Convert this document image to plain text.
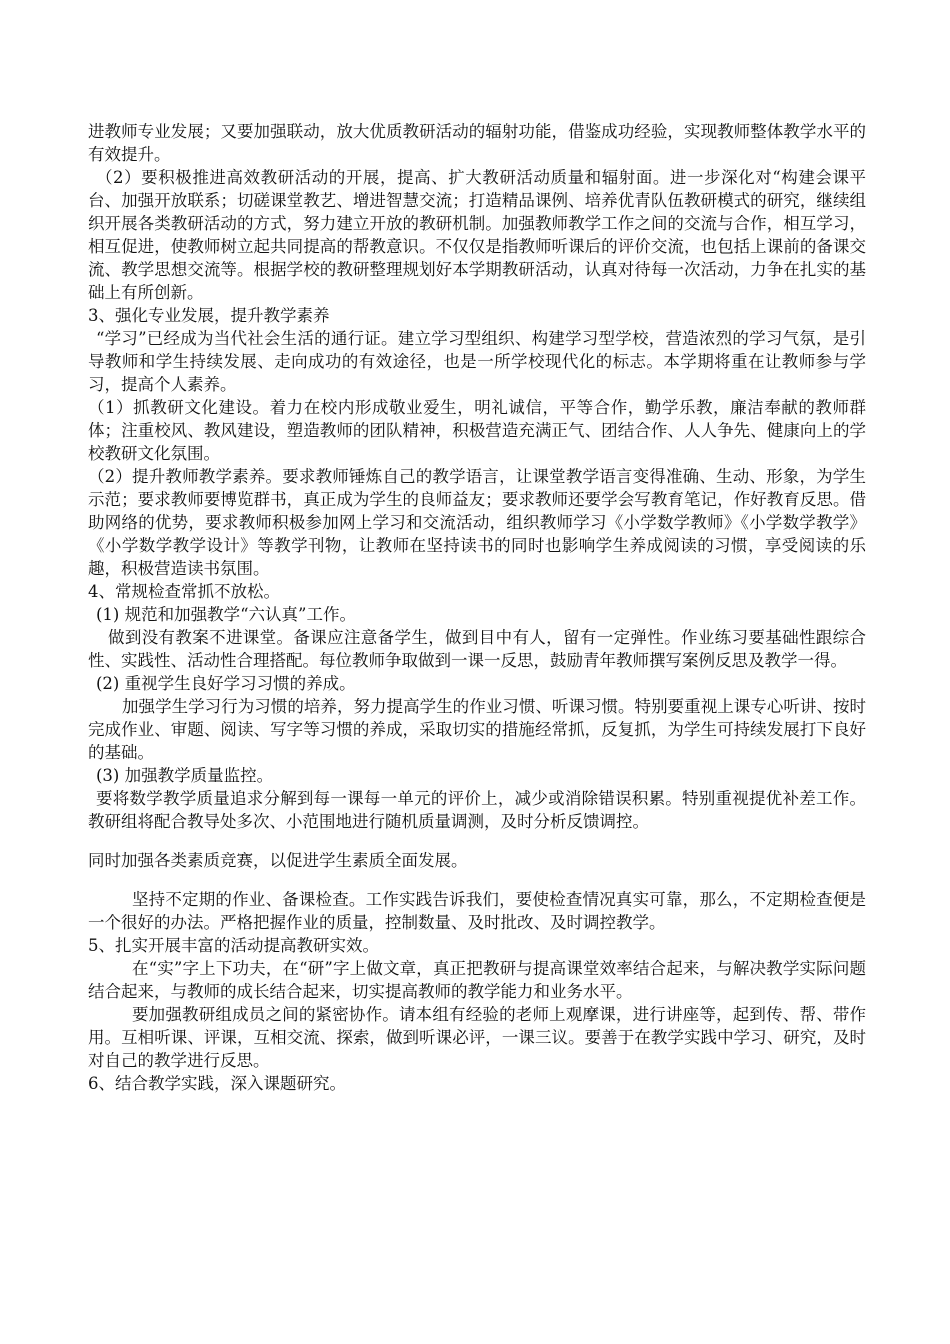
进教师专业发展；又要加强联动，放大优质教研活动的辐射功能，借鉴成功经验，实现教师整体教学水平的有效提升。

（2）要积极推进高效教研活动的开展，提高、扩大教研活动质量和辐射面。进一步深化对“构建会课平台、加强开放联系；切磋课堂教艺、增进智慧交流；打造精品课例、培养优青队伍教研模式的研究，继续组织开展各类教研活动的方式，努力建立开放的教研机制。加强教师教学工作之间的交流与合作，相互学习，相互促进，使教师树立起共同提高的帮教意识。不仅仅是指教师听课后的评价交流，也包括上课前的备课交流、教学思想交流等。根据学校的教研整理规划好本学期教研活动，认真对待每一次活动，力争在扎实的基础上有所创新。

3、强化专业发展，提升教学素养

“学习”已经成为当代社会生活的通行证。建立学习型组织、构建学习型学校，营造浓烈的学习气氛，是引导教师和学生持续发展、走向成功的有效途径，也是一所学校现代化的标志。本学期将重在让教师参与学习，提高个人素养。

（1）抓教研文化建设。着力在校内形成敬业爱生，明礼诚信，平等合作，勤学乐教，廉洁奉献的教师群体；注重校风、教风建设，塑造教师的团队精神，积极营造充满正气、团结合作、人人争先、健康向上的学校教研文化氛围。

（2）提升教师教学素养。要求教师锤炼自己的教学语言，让课堂教学语言变得准确、生动、形象，为学生示范；要求教师要博览群书，真正成为学生的良师益友；要求教师还要学会写教育笔记，作好教育反思。借助网络的优势，要求教师积极参加网上学习和交流活动，组织教师学习《小学数学教师》《小学数学教学》《小学数学教学设计》等教学刊物，让教师在坚持读书的同时也影响学生养成阅读的习惯，享受阅读的乐趣，积极营造读书氛围。

4、常规检查常抓不放松。

(1) 规范和加强教学“六认真”工作。

做到没有教案不进课堂。备课应注意备学生，做到目中有人，留有一定弹性。作业练习要基础性跟综合性、实践性、活动性合理搭配。每位教师争取做到一课一反思，鼓励青年教师撰写案例反思及教学一得。

(2) 重视学生良好学习习惯的养成。

加强学生学习行为习惯的培养，努力提高学生的作业习惯、听课习惯。特别要重视上课专心听讲、按时完成作业、审题、阅读、写字等习惯的养成，采取切实的措施经常抓，反复抓，为学生可持续发展打下良好的基础。

(3) 加强教学质量监控。

要将数学教学质量追求分解到每一课每一单元的评价上，减少或消除错误积累。特别重视提优补差工作。教研组将配合教导处多次、小范围地进行随机质量调测，及时分析反馈调控。

同时加强各类素质竞赛，以促进学生素质全面发展。

坚持不定期的作业、备课检查。工作实践告诉我们，要使检查情况真实可靠，那么，不定期检查便是一个很好的办法。严格把握作业的质量，控制数量、及时批改、及时调控教学。

5、扎实开展丰富的活动提高教研实效。

在“实”字上下功夫，在“研”字上做文章，真正把教研与提高课堂效率结合起来，与解决教学实际问题结合起来，与教师的成长结合起来，切实提高教师的教学能力和业务水平。

要加强教研组成员之间的紧密协作。请本组有经验的老师上观摩课，进行讲座等，起到传、帮、带作用。互相听课、评课，互相交流、探索，做到听课必评，一课三议。要善于在教学实践中学习、研究，及时对自己的教学进行反思。

6、结合教学实践，深入课题研究。
